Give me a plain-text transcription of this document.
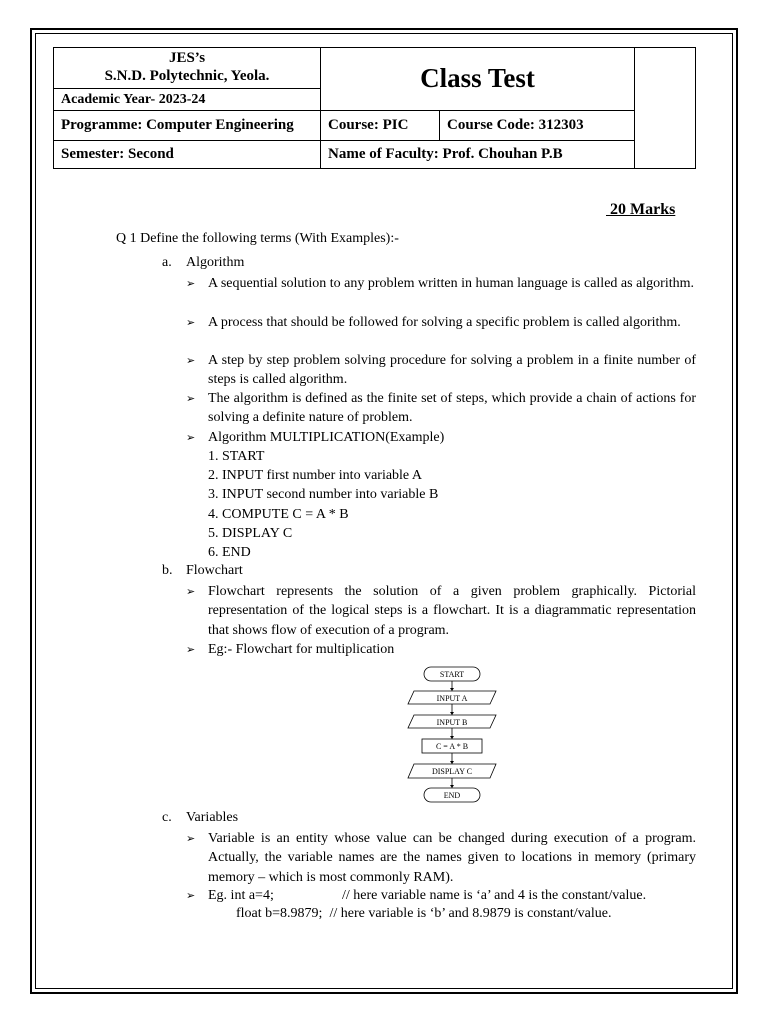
JES’s
S.N.D. Polytechnic, Yeola.
Academic Year- 2023-24
Class Test
Programme: Computer Engineering	Course: PIC	Course Code: 312303
Semester: Second	Name of Faculty: Prof. Chouhan P.B
20 Marks
Q 1 Define the following terms (With Examples):-
a. Algorithm
➢ A sequential solution to any problem written in human language is called as algorithm.
➢ A process that should be followed for solving a specific problem is called algorithm.
➢ A step by step problem solving procedure for solving a problem in a finite number of steps is called algorithm.
➢ The algorithm is defined as the finite set of steps, which provide a chain of actions for solving a definite nature of problem.
➢ Algorithm MULTIPLICATION(Example)
1. START
2. INPUT first number into variable A
3. INPUT second number into variable B
4. COMPUTE C = A * B
5. DISPLAY C
6. END
b. Flowchart
➢ Flowchart represents the solution of a given problem graphically. Pictorial representation of the logical steps is a flowchart. It is a diagrammatic representation that shows flow of execution of a program.
➢ Eg:- Flowchart for multiplication
START
INPUT A
INPUT B
C = A * B
DISPLAY C
END
c. Variables
➢ Variable is an entity whose value can be changed during execution of a program. Actually, the variable names are the names given to locations in memory (primary memory – which is most commonly RAM).
➢ Eg. int a=4;	// here variable name is ‘a’ and 4 is the constant/value.
float b=8.9879; // here variable is ‘b’ and 8.9879 is constant/value.
